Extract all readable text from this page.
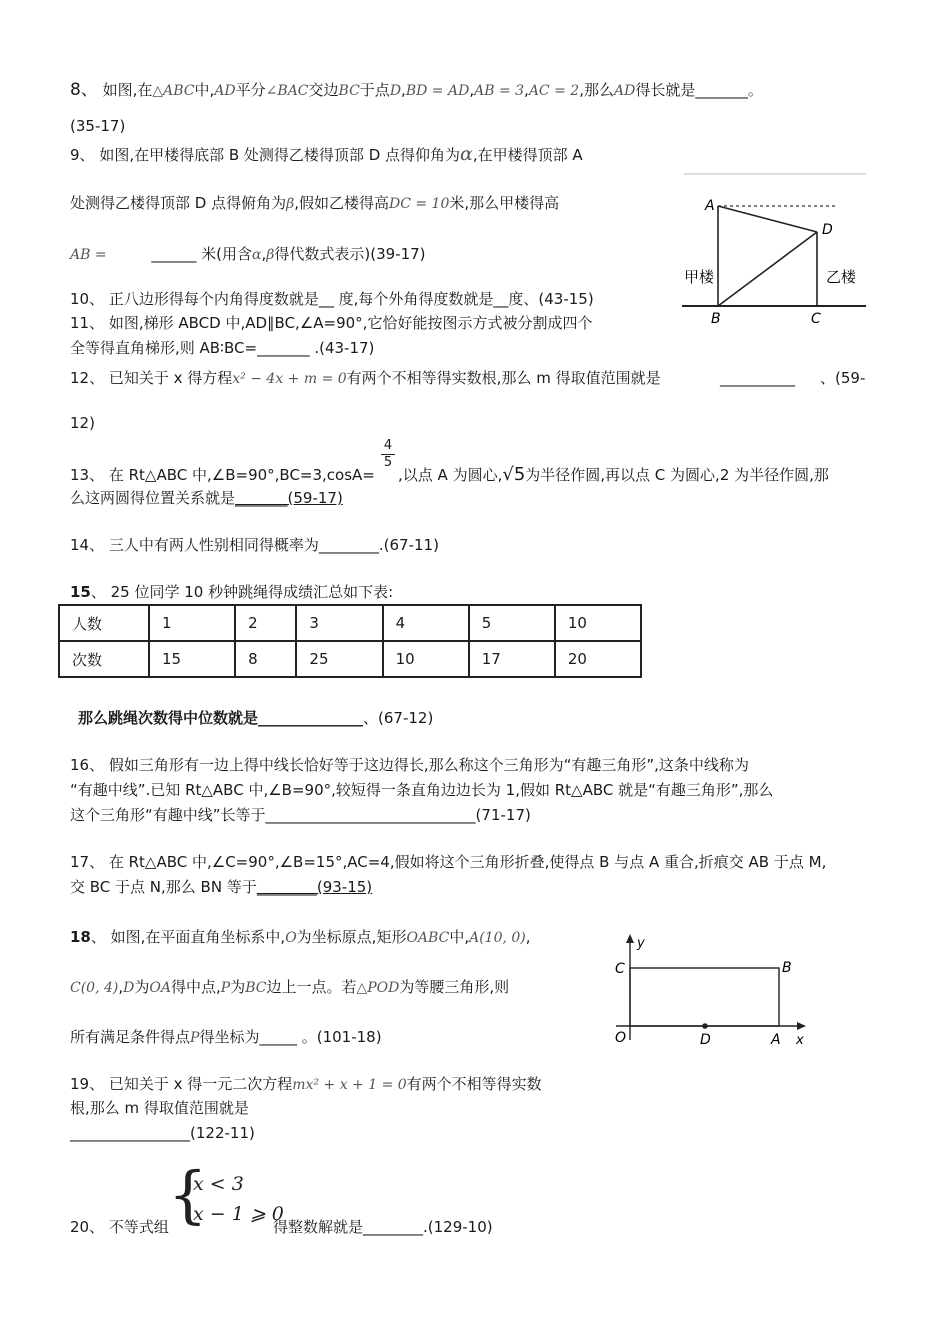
8、 如图,在△ABC中,AD平分∠BAC交边BC于点D,BD = AD,AB = 3,AC = 2,那么AD得长就是_______。
(35-17)
9、 如图,在甲楼得底部 B 处测得乙楼得顶部 D 点得仰角为α,在甲楼得顶部 A
处测得乙楼得顶部 D 点得俯角为β,假如乙楼得高DC = 10米,那么甲楼得高
AB =	______ 米(用含α,β得代数式表示)(39-17)
A
B	C
D
甲楼	乙楼
10、 正八边形得每个内角得度数就是__ 度,每个外角得度数就是__度、(43-15)
11、 如图,梯形 ABCD 中,AD∥BC,∠A=90°,它恰好能按图示方式被分割成四个
全等得直角梯形,则 AB∶BC=_______ .(43-17)
12、 已知关于 x 得方程x² − 4x + m = 0有两个不相等得实数根,那么 m 得取值范围就是	__________ 、(59-
12)
13、 在 Rt△ABC 中,∠B=90°,BC=3,cosA=
4
5
,以点 A 为圆心,√5为半径作圆,再以点 C 为圆心,2 为半径作圆,那
么这两圆得位置关系就是_______(59-17)
14、 三人中有两人性别相同得概率为________.(67-11)
15、 25 位同学 10 秒钟跳绳得成绩汇总如下表:
人数	1	2	3	4	5	10
次数	15	8	25	10	17	20
那么跳绳次数得中位数就是______________、(67-12)
16、 假如三角形有一边上得中线长恰好等于这边得长,那么称这个三角形为“有趣三角形”,这条中线称为
“有趣中线”.已知 Rt△ABC 中,∠B=90°,较短得一条直角边边长为 1,假如 Rt△ABC 就是“有趣三角形”,那么
这个三角形“有趣中线”长等于____________________________(71-17)
17、 在 Rt△ABC 中,∠C=90°,∠B=15°,AC=4,假如将这个三角形折叠,使得点 B 与点 A 重合,折痕交 AB 于点 M,
交 BC 于点 N,那么 BN 等于________(93-15)
18、 如图,在平面直角坐标系中,O为坐标原点,矩形OABC中,A(10, 0),
C(0, 4),D为OA得中点,P为BC边上一点。若△POD为等腰三角形,则
所有满足条件得点P得坐标为_____ 。(101-18)
y
x
C	B
O	D	A
19、 已知关于 x 得一元二次方程mx² + x + 1 = 0有两个不相等得实数
根,那么 m 得取值范围就是
________________(122-11)
{
x < 3
x − 1 ⩾ 0
20、 不等式组	得整数解就是________.(129-10)
